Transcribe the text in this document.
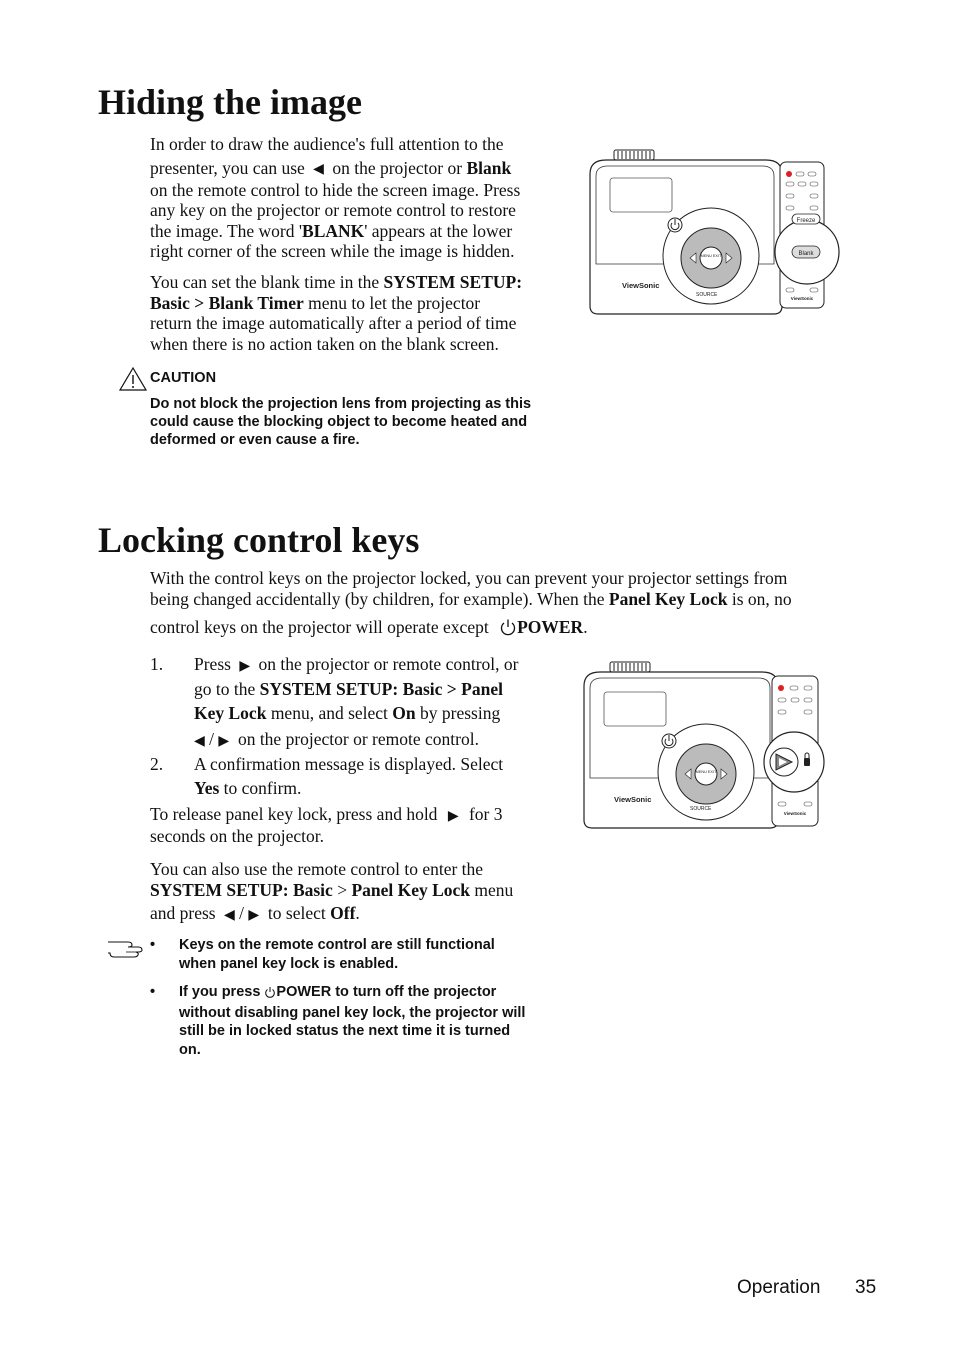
Hiding the image
In order to draw the audience's full attention to the
presenter, you can use ◀ on the projector or Blank
on the remote control to hide the screen image. Press
any key on the projector or remote control to restore
the image. The word 'BLANK' appears at the lower
right corner of the screen while the image is hidden.
You can set the blank time in the SYSTEM SETUP:
Basic > Blank Timer menu to let the projector
return the image automatically after a period of time
when there is no action taken on the blank screen.
CAUTION
Do not block the projection lens from projecting as this
could cause the blocking object to become heated and
deformed or even cause a fire.
ViewSonic
MENU EXIT
SOURCE
Freeze
Blank
ViewSonic
Locking control keys
With the control keys on the projector locked, you can prevent your projector settings from
being changed accidentally (by children, for example). When the Panel Key Lock is on, no
control keys on the projector will operate except POWER.
1. Press ▶ on the projector or remote control, or
go to the SYSTEM SETUP: Basic > Panel
Key Lock menu, and select On by pressing
◀ / ▶ on the projector or remote control.
2. A confirmation message is displayed. Select
Yes to confirm.
To release panel key lock, press and hold ▶ for 3
seconds on the projector.
You can also use the remote control to enter the
SYSTEM SETUP: Basic > Panel Key Lock menu
and press ◀ / ▶ to select Off.
• Keys on the remote control are still functional
when panel key lock is enabled.
• If you press POWER to turn off the projector
without disabling panel key lock, the projector will
still be in locked status the next time it is turned
on.
ViewSonic
MENU EXIT
SOURCE
ViewSonic
Operation 35
